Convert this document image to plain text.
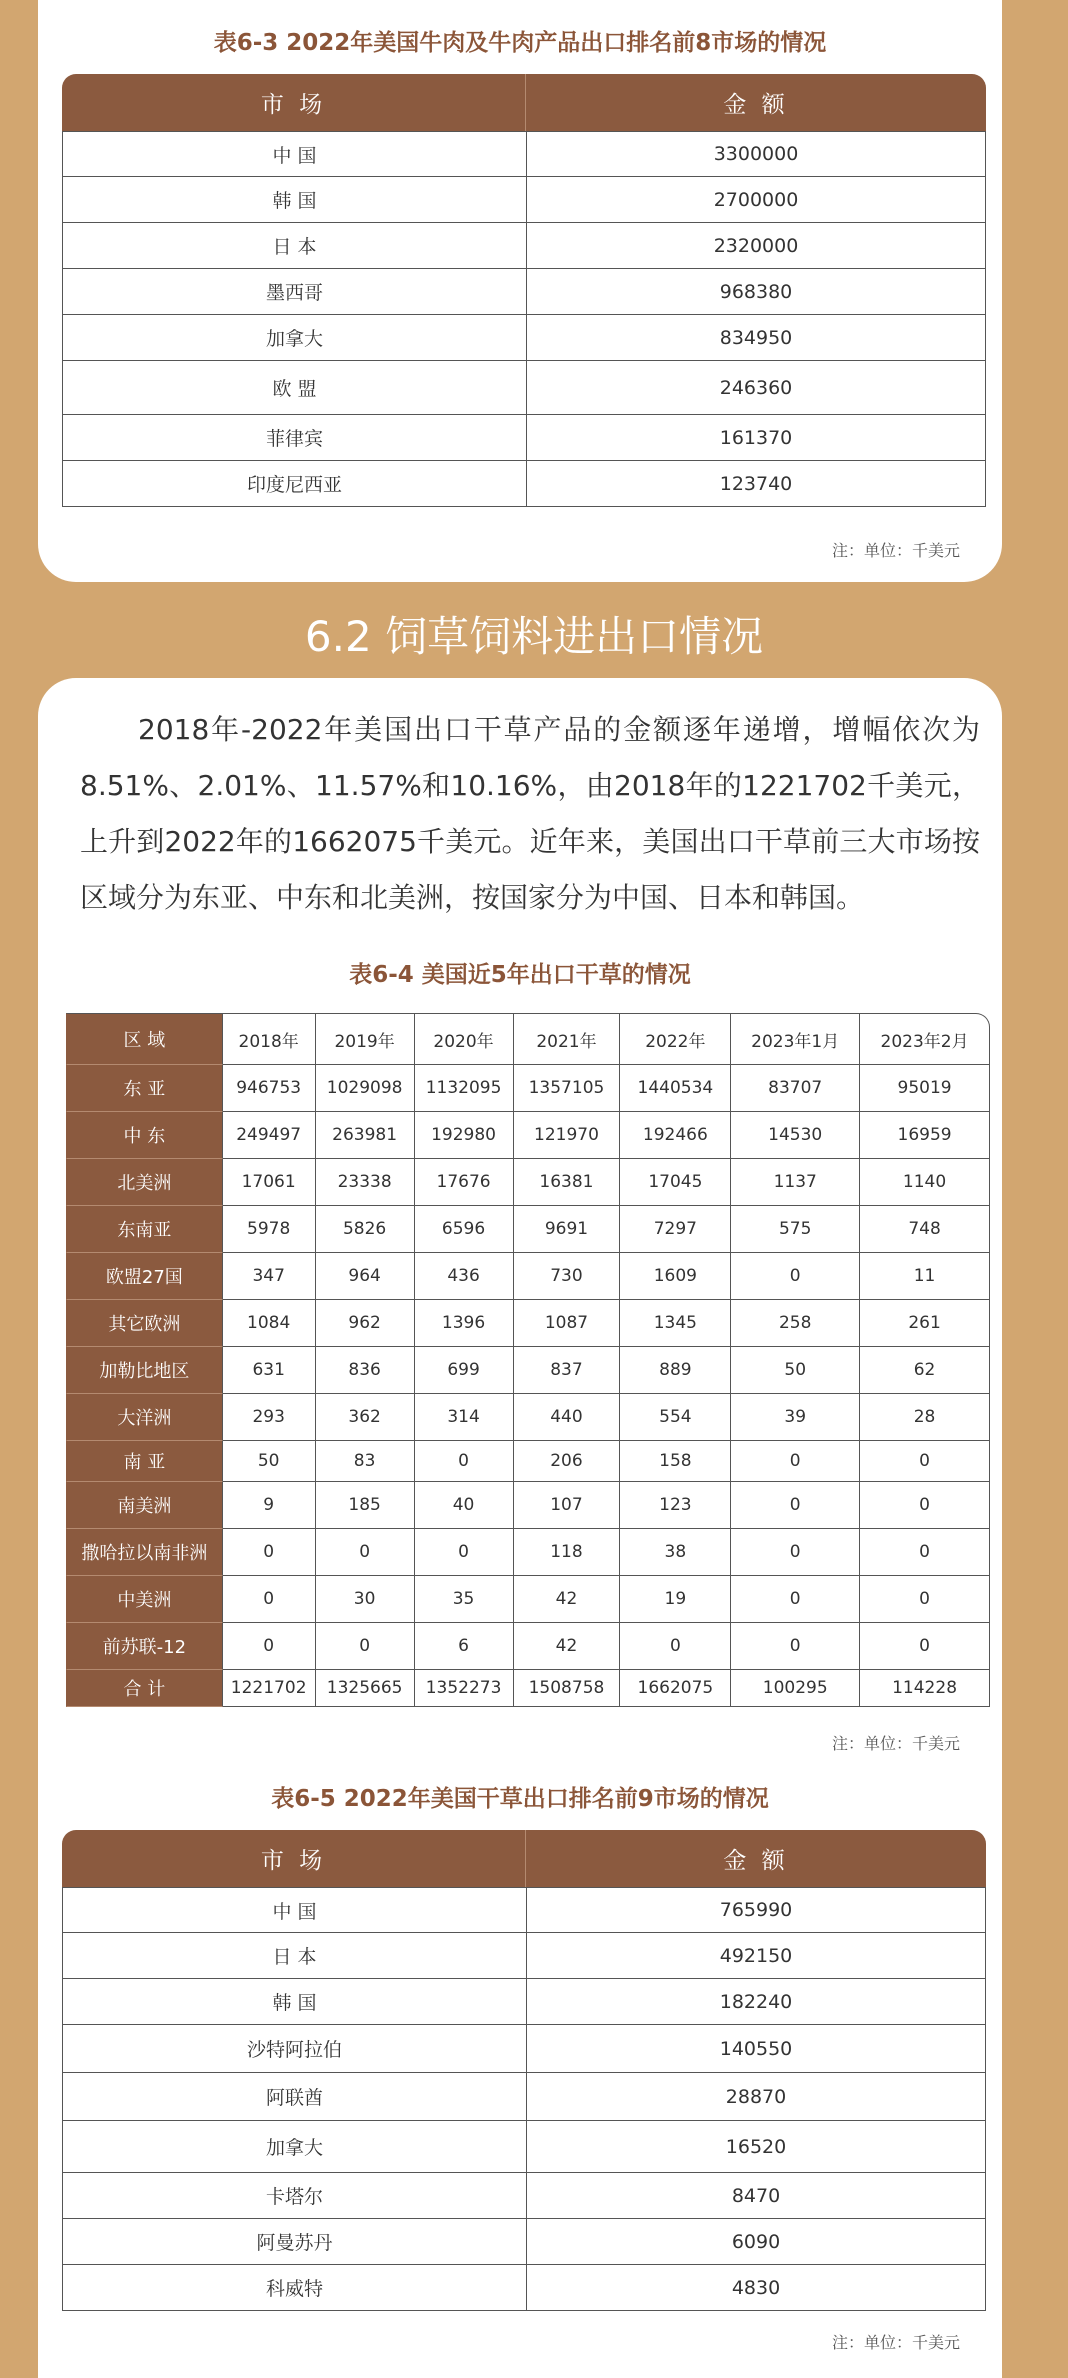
表6-3 2022年美国牛肉及牛肉产品出口排名前8市场的情况
市 场	金 额
中 国	3300000
韩 国	2700000
日 本	2320000
墨西哥	968380
加拿大	834950
欧 盟	246360
菲律宾	161370
印度尼西亚	123740
注：单位：千美元
6.2 饲草饲料进出口情况
2018年-2022年美国出口干草产品的金额逐年递增，增幅依次为8.51%、2.01%、11.57%和10.16%，由2018年的1221702千美元，上升到2022年的1662075千美元。近年来，美国出口干草前三大市场按区域分为东亚、中东和北美洲，按国家分为中国、日本和韩国。
表6-4 美国近5年出口干草的情况
区 域	2018年	2019年	2020年	2021年	2022年	2023年1月	2023年2月
东 亚	946753	1029098	1132095	1357105	1440534	83707	95019
中 东	249497	263981	192980	121970	192466	14530	16959
北美洲	17061	23338	17676	16381	17045	1137	1140
东南亚	5978	5826	6596	9691	7297	575	748
欧盟27国	347	964	436	730	1609	0	11
其它欧洲	1084	962	1396	1087	1345	258	261
加勒比地区	631	836	699	837	889	50	62
大洋洲	293	362	314	440	554	39	28
南 亚	50	83	0	206	158	0	0
南美洲	9	185	40	107	123	0	0
撒哈拉以南非洲	0	0	0	118	38	0	0
中美洲	0	30	35	42	19	0	0
前苏联-12	0	0	6	42	0	0	0
合 计	1221702	1325665	1352273	1508758	1662075	100295	114228
注：单位：千美元
表6-5 2022年美国干草出口排名前9市场的情况
市 场	金 额
中 国	765990
日 本	492150
韩 国	182240
沙特阿拉伯	140550
阿联酋	28870
加拿大	16520
卡塔尔	8470
阿曼苏丹	6090
科威特	4830
注：单位：千美元
